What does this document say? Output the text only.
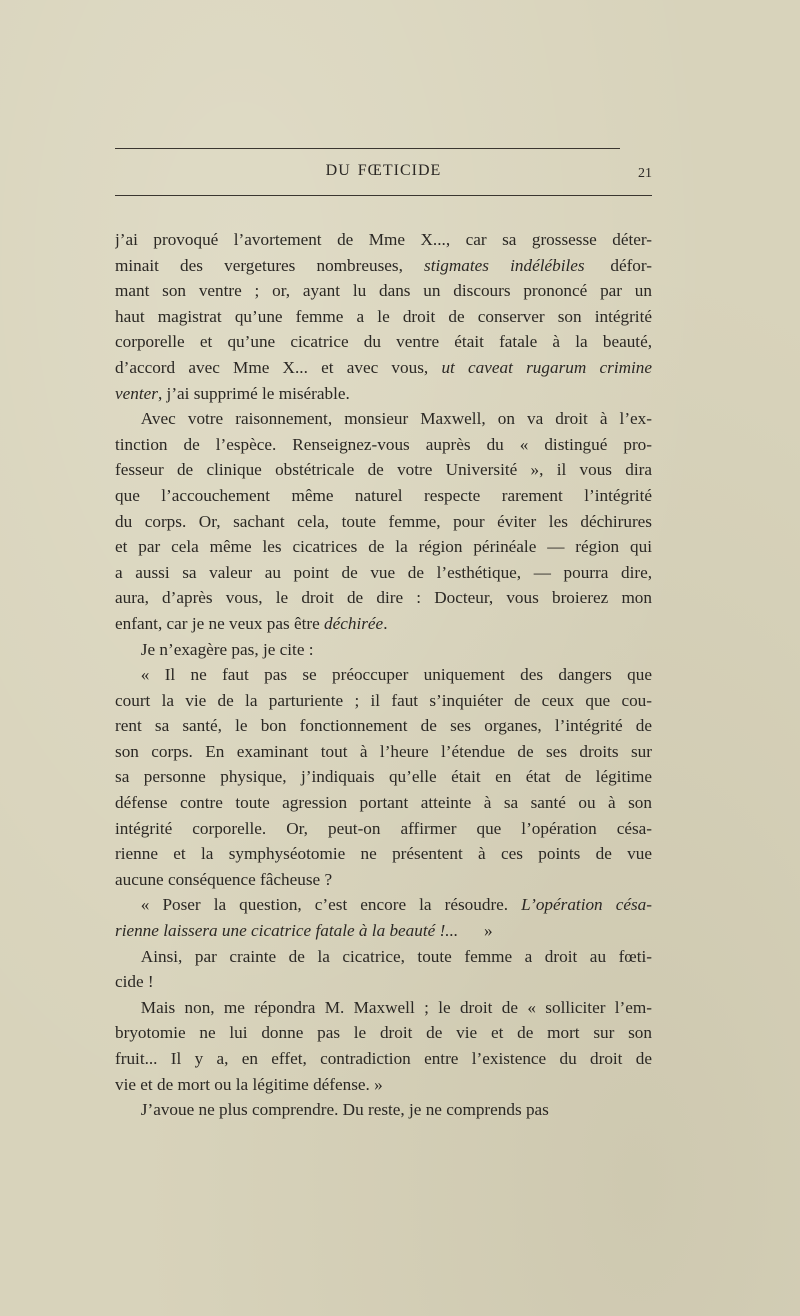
DU FŒTICIDE	21
j’ai provoqué l’avortement de Mme X..., car sa grossesse déter-
minait des vergetures nombreuses, stigmates indélébiles  défor-
mant son ventre ; or, ayant lu dans un discours prononcé par un
haut magistrat qu’une femme a le droit de conserver son intégrité
corporelle et qu’une cicatrice du ventre était fatale à la beauté,
d’accord avec Mme X... et avec vous, ut caveat rugarum crimine
venter, j’ai supprimé le misérable.
  Avec votre raisonnement, monsieur Maxwell, on va droit à l’ex-
tinction de l’espèce. Renseignez-vous auprès du « distingué pro-
fesseur de clinique obstétricale de votre Université », il vous dira
que l’accouchement même naturel respecte rarement l’intégrité
du corps. Or, sachant cela, toute femme, pour éviter les déchirures
et par cela même les cicatrices de la région périnéale — région qui
a aussi sa valeur au point de vue de l’esthétique, — pourra dire,
aura, d’après vous, le droit de dire : Docteur, vous broierez mon
enfant, car je ne veux pas être déchirée.
  Je n’exagère pas, je cite :
  « Il ne faut pas se préoccuper uniquement des dangers que
court la vie de la parturiente ; il faut s’inquiéter de ceux que cou-
rent sa santé, le bon fonctionnement de ses organes, l’intégrité de
son corps. En examinant tout à l’heure l’étendue de ses droits sur
sa personne physique, j’indiquais qu’elle était en état de légitime
défense contre toute agression portant atteinte à sa santé ou à son
intégrité corporelle. Or, peut-on affirmer que l’opération césa-
rienne et la symphyséotomie ne présentent à ces points de vue
aucune conséquence fâcheuse ?
  « Poser la question, c’est encore la résoudre. L’opération césa-
rienne laissera une cicatrice fatale à la beauté !...  »
  Ainsi, par crainte de la cicatrice, toute femme a droit au fœti-
cide !
  Mais non, me répondra M. Maxwell ; le droit de « solliciter l’em-
bryotomie ne lui donne pas le droit de vie et de mort sur son
fruit... Il y a, en effet, contradiction entre l’existence du droit de
vie et de mort ou la légitime défense. »
  J’avoue ne plus comprendre. Du reste, je ne comprends pas
